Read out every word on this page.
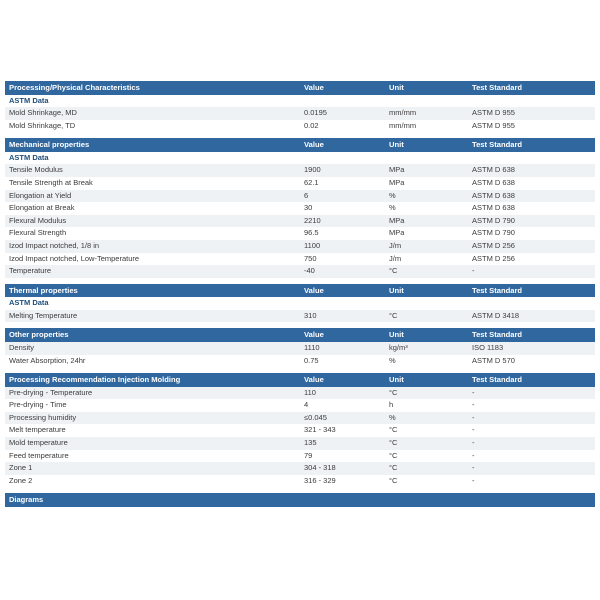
Processing/Physical Characteristics	Value	Unit	Test Standard
ASTM Data			
Mold Shrinkage, MD	0.0195	mm/mm	ASTM D 955
Mold Shrinkage, TD	0.02	mm/mm	ASTM D 955

Mechanical properties	Value	Unit	Test Standard
ASTM Data			
Tensile Modulus	1900	MPa	ASTM D 638
Tensile Strength at Break	62.1	MPa	ASTM D 638
Elongation at Yield	6	%	ASTM D 638
Elongation at Break	30	%	ASTM D 638
Flexural Modulus	2210	MPa	ASTM D 790
Flexural Strength	96.5	MPa	ASTM D 790
Izod Impact notched, 1/8 in	1100	J/m	ASTM D 256
Izod Impact notched, Low-Temperature	750	J/m	ASTM D 256
Temperature	-40	°C	-

Thermal properties	Value	Unit	Test Standard
ASTM Data			
Melting Temperature	310	°C	ASTM D 3418

Other properties	Value	Unit	Test Standard
Density	1110	kg/m³	ISO 1183
Water Absorption, 24hr	0.75	%	ASTM D 570

Processing Recommendation Injection Molding	Value	Unit	Test Standard
Pre-drying - Temperature	110	°C	-
Pre-drying - Time	4	h	-
Processing humidity	≤0.045	%	-
Melt temperature	321 - 343	°C	-
Mold temperature	135	°C	-
Feed temperature	79	°C	-
Zone 1	304 - 318	°C	-
Zone 2	316 - 329	°C	-

Diagrams			
